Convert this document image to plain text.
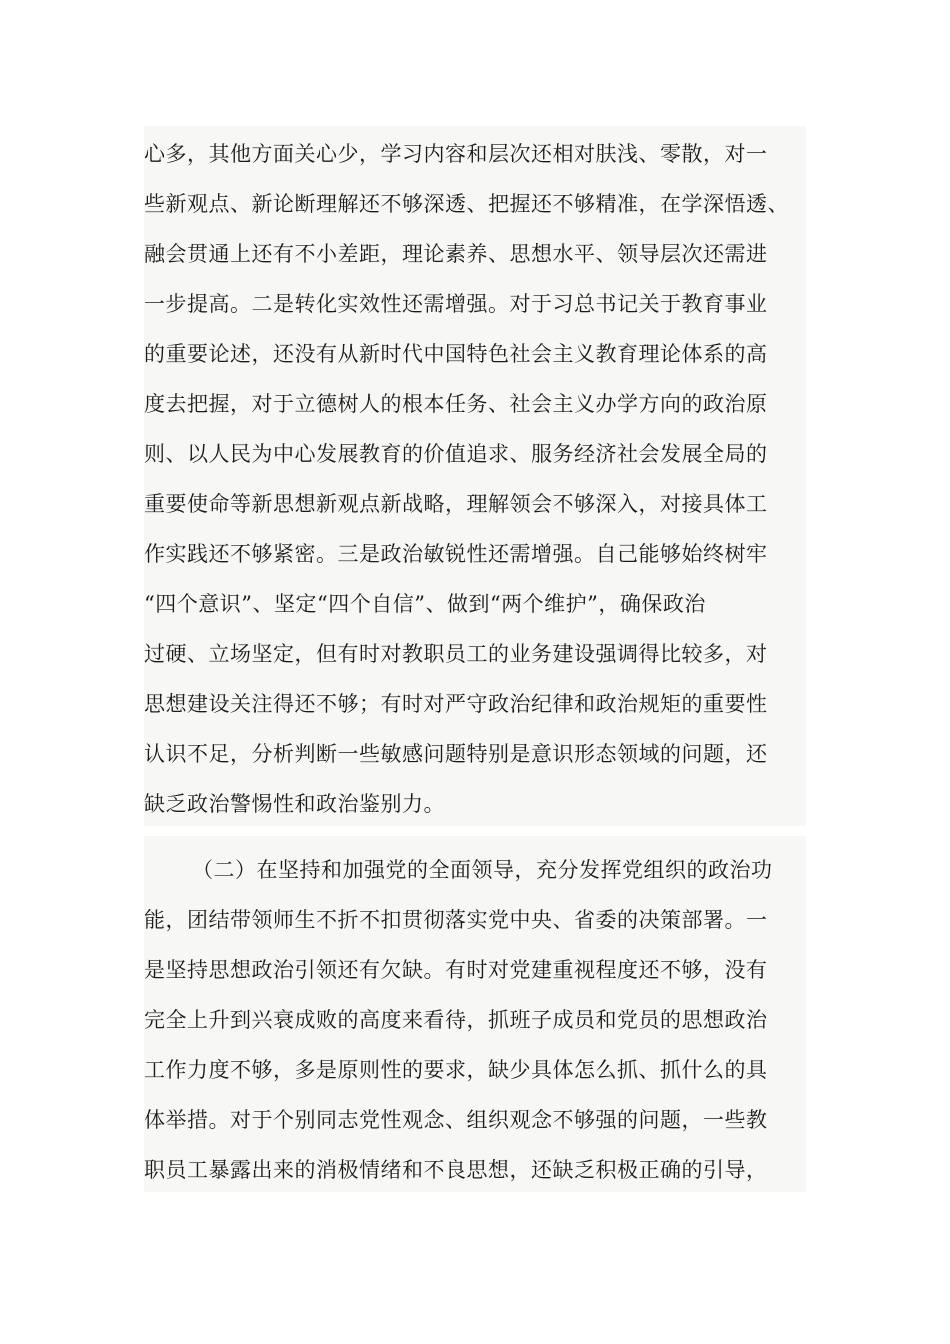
心多，其他方面关心少，学习内容和层次还相对肤浅、零散，对一
些新观点、新论断理解还不够深透、把握还不够精准，在学深悟透、
融会贯通上还有不小差距，理论素养、思想水平、领导层次还需进
一步提高。二是转化实效性还需增强。对于习总书记关于教育事业
的重要论述，还没有从新时代中国特色社会主义教育理论体系的高
度去把握，对于立德树人的根本任务、社会主义办学方向的政治原
则、以人民为中心发展教育的价值追求、服务经济社会发展全局的
重要使命等新思想新观点新战略，理解领会不够深入，对接具体工
作实践还不够紧密。三是政治敏锐性还需增强。自己能够始终树牢
“四个意识”、坚定“四个自信”、做到“两个维护”，确保政治
过硬、立场坚定，但有时对教职员工的业务建设强调得比较多，对
思想建设关注得还不够；有时对严守政治纪律和政治规矩的重要性
认识不足，分析判断一些敏感问题特别是意识形态领域的问题，还
缺乏政治警惕性和政治鉴别力。
（二）在坚持和加强党的全面领导，充分发挥党组织的政治功
能，团结带领师生不折不扣贯彻落实党中央、省委的决策部署。一
是坚持思想政治引领还有欠缺。有时对党建重视程度还不够，没有
完全上升到兴衰成败的高度来看待，抓班子成员和党员的思想政治
工作力度不够，多是原则性的要求，缺少具体怎么抓、抓什么的具
体举措。对于个别同志党性观念、组织观念不够强的问题，一些教
职员工暴露出来的消极情绪和不良思想，还缺乏积极正确的引导，
